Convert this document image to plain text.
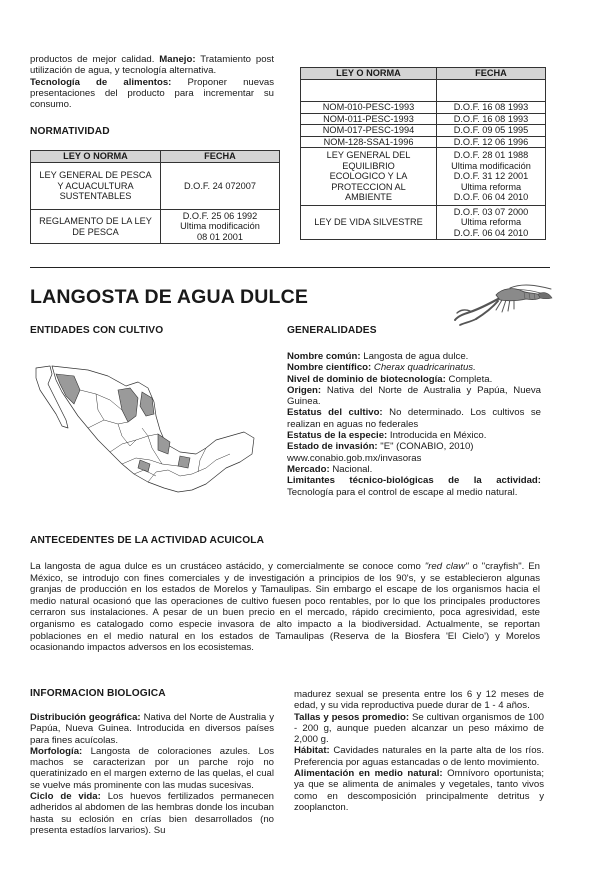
productos de mejor calidad. Manejo: Tratamiento post utilización de agua, y tecnología alternativa.
Tecnología de alimentos: Proponer nuevas presentaciones del producto para incrementar su consumo.
NORMATIVIDAD
LEY O NORMA	FECHA
LEY GENERAL DE PESCA Y ACUACULTURA SUSTENTABLES	D.O.F. 24 072007
REGLAMENTO DE LA LEY DE PESCA	D.O.F. 25 06 1992 Ultima modificación 08 01 2001
LEY O NORMA	FECHA

NOM-010-PESC-1993	D.O.F. 16 08 1993
NOM-011-PESC-1993	D.O.F. 16 08 1993
NOM-017-PESC-1994	D.O.F. 09 05 1995
NOM-128-SSA1-1996	D.O.F. 12 06 1996
LEY GENERAL DEL EQUILIBRIO ECOLOGICO Y LA PROTECCION AL AMBIENTE	D.O.F. 28 01 1988 Ultima modificación D.O.F. 31 12 2001 Ultima reforma D.O.F. 06 04 2010
LEY DE VIDA SILVESTRE	D.O.F. 03 07 2000 Ultima reforma D.O.F. 06 04 2010
LANGOSTA DE AGUA DULCE
ENTIDADES CON CULTIVO	GENERALIDADES
Nombre común: Langosta de agua dulce.
Nombre científico: Cherax quadricarinatus.
Nivel de dominio de biotecnología: Completa.
Origen: Nativa del Norte de Australia y Papúa, Nueva Guinea.
Estatus del cultivo: No determinado. Los cultivos se realizan en aguas no federales
Estatus de la especie: Introducida en México.
Estado de invasión: "E" (CONABIO, 2010)
www.conabio.gob.mx/invasoras
Mercado: Nacional.
Limitantes técnico-biológicas de la actividad: Tecnología para el control de escape al medio natural.
ANTECEDENTES DE LA ACTIVIDAD ACUICOLA
La langosta de agua dulce es un crustáceo astácido, y comercialmente se conoce como "red claw" o "crayfish". En México, se introdujo con fines comerciales y de investigación a principios de los 90's, y se establecieron algunas granjas de producción en los estados de Morelos y Tamaulipas. Sin embargo el escape de los organismos hacia el medio natural ocasionó que las operaciones de cultivo fuesen poco rentables, por lo que los principales productores cerraron sus instalaciones. A pesar de un buen precio en el mercado, rápido crecimiento, poca agresividad, este organismo es catalogado como especie invasora de alto impacto a la biodiversidad. Actualmente, se reportan poblaciones en el medio natural en los estados de Tamaulipas (Reserva de la Biosfera 'El Cielo') y Morelos ocasionando impactos adversos en los ecosistemas.
INFORMACION BIOLOGICA
Distribución geográfica: Nativa del Norte de Australia y Papúa, Nueva Guinea. Introducida en diversos países para fines acuícolas.
Morfología: Langosta de coloraciones azules. Los machos se caracterizan por un parche rojo no queratinizado en el margen externo de las quelas, el cual se vuelve más prominente con las mudas sucesivas.
Ciclo de vida: Los huevos fertilizados permanecen adheridos al abdomen de las hembras donde los incuban hasta su eclosión en crías bien desarrollados (no presenta estadíos larvarios). Su
madurez sexual se presenta entre los 6 y 12 meses de edad, y su vida reproductiva puede durar de 1 - 4 años.
Tallas y pesos promedio: Se cultivan organismos de 100 - 200 g, aunque pueden alcanzar un peso máximo de 2,000 g.
Hábitat: Cavidades naturales en la parte alta de los ríos. Preferencia por aguas estancadas o de lento movimiento.
Alimentación en medio natural: Omnívoro oportunista; ya que se alimenta de animales y vegetales, tanto vivos como en descomposición principalmente detritus y zooplancton.
